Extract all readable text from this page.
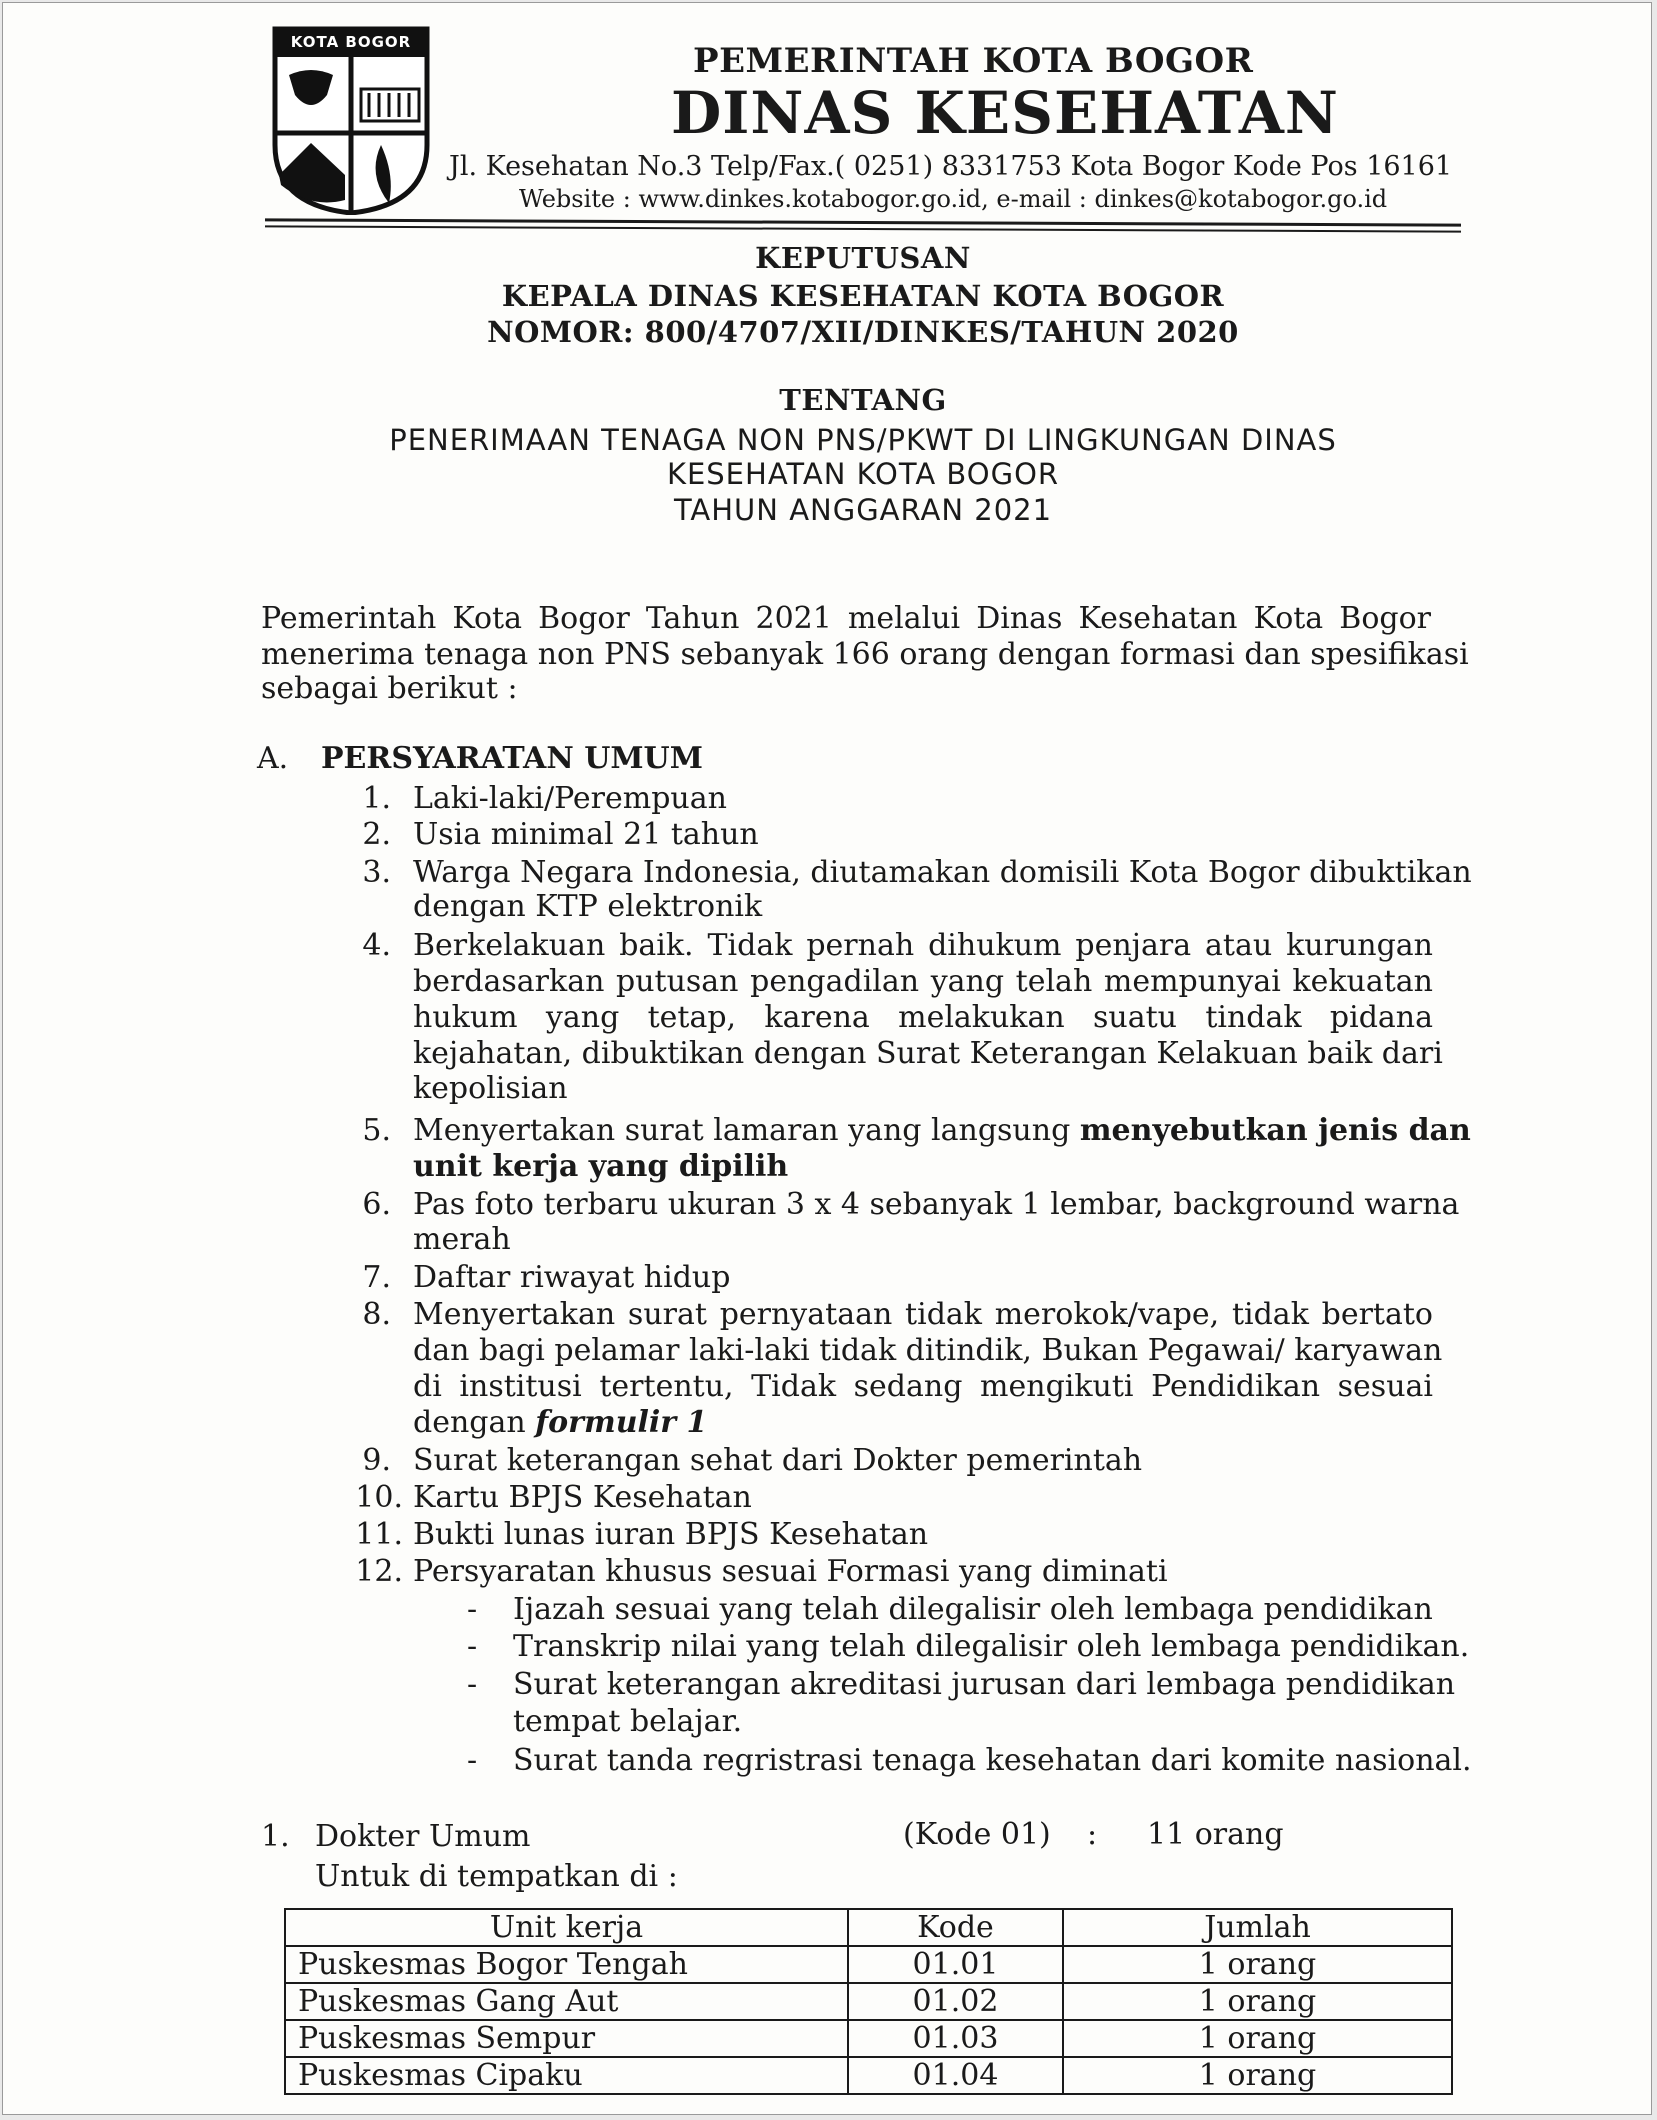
KOTA BOGOR	PEMERINTAH KOTA BOGOR
DINAS KESEHATAN
Jl. Kesehatan No.3 Telp/Fax.( 0251) 8331753 Kota Bogor Kode Pos 16161
Website : www.dinkes.kotabogor.go.id, e-mail : dinkes@kotabogor.go.id
KEPUTUSAN
KEPALA DINAS KESEHATAN KOTA BOGOR
NOMOR: 800/4707/XII/DINKES/TAHUN 2020
TENTANG
PENERIMAAN TENAGA NON PNS/PKWT DI LINGKUNGAN DINAS
KESEHATAN KOTA BOGOR
TAHUN ANGGARAN 2021
Pemerintah Kota Bogor Tahun 2021 melalui Dinas Kesehatan Kota Bogor
menerima tenaga non PNS sebanyak 166 orang dengan formasi dan spesifikasi
sebagai berikut :
A. PERSYARATAN UMUM
1. Laki-laki/Perempuan
2. Usia minimal 21 tahun
3. Warga Negara Indonesia, diutamakan domisili Kota Bogor dibuktikan
dengan KTP elektronik
4. Berkelakuan baik. Tidak pernah dihukum penjara atau kurungan
berdasarkan putusan pengadilan yang telah mempunyai kekuatan
hukum yang tetap, karena melakukan suatu tindak pidana
kejahatan, dibuktikan dengan Surat Keterangan Kelakuan baik dari
kepolisian
5. Menyertakan surat lamaran yang langsung menyebutkan jenis dan
unit kerja yang dipilih
6. Pas foto terbaru ukuran 3 x 4 sebanyak 1 lembar, background warna
merah
7. Daftar riwayat hidup
8. Menyertakan surat pernyataan tidak merokok/vape, tidak bertato
dan bagi pelamar laki-laki tidak ditindik, Bukan Pegawai/ karyawan
di institusi tertentu, Tidak sedang mengikuti Pendidikan sesuai
dengan formulir 1
9. Surat keterangan sehat dari Dokter pemerintah
10. Kartu BPJS Kesehatan
11. Bukti lunas iuran BPJS Kesehatan
12. Persyaratan khusus sesuai Formasi yang diminati
- Ijazah sesuai yang telah dilegalisir oleh lembaga pendidikan
- Transkrip nilai yang telah dilegalisir oleh lembaga pendidikan.
- Surat keterangan akreditasi jurusan dari lembaga pendidikan
tempat belajar.
- Surat tanda regristrasi tenaga kesehatan dari komite nasional.
1. Dokter Umum	(Kode 01) : 11 orang
Untuk di tempatkan di :
Unit kerja	Kode	Jumlah
Puskesmas Bogor Tengah	01.01	1 orang
Puskesmas Gang Aut	01.02	1 orang
Puskesmas Sempur	01.03	1 orang
Puskesmas Cipaku	01.04	1 orang
